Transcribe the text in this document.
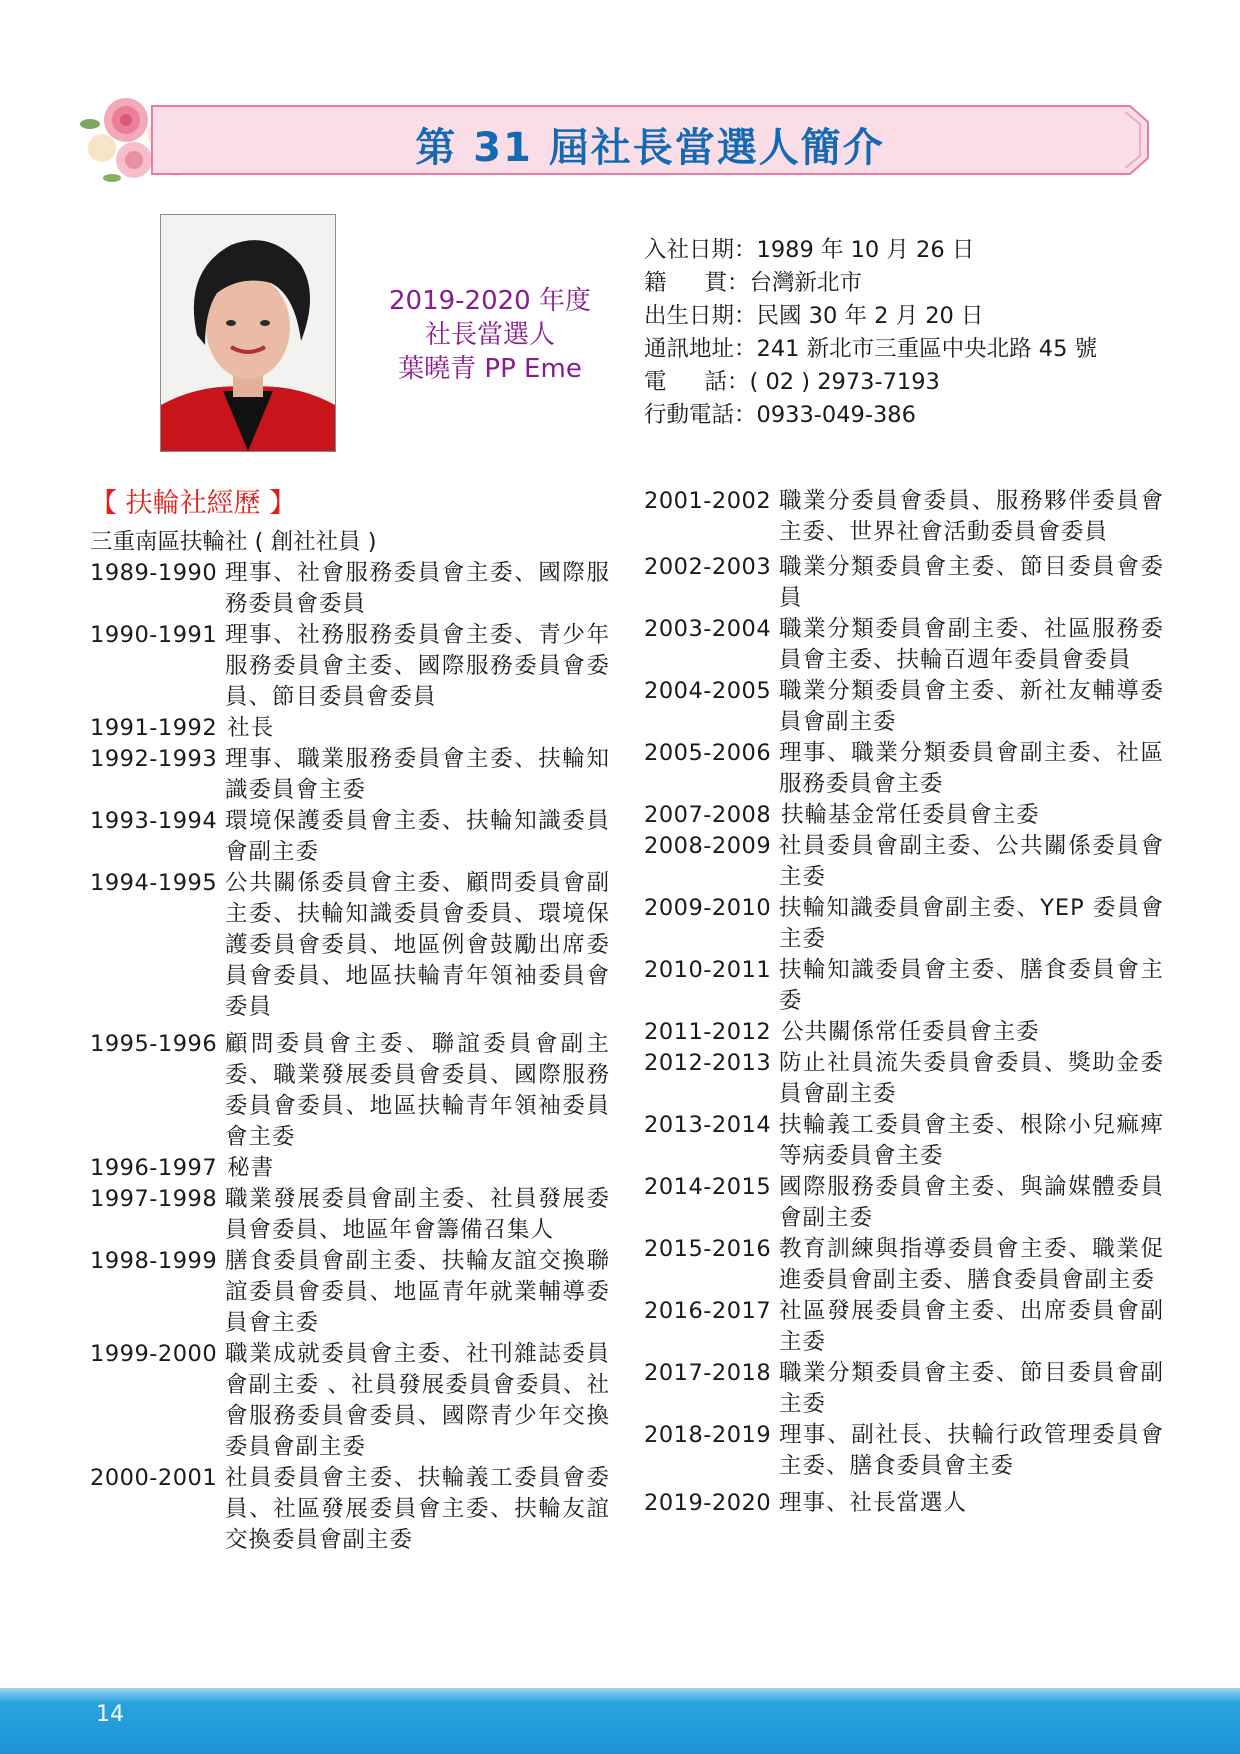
第 31 屆社長當選人簡介
2019-2020 年度
社長當選人
葉曉青 PP Eme
入社日期：1989 年 10 月 26 日
籍 貫：台灣新北市
出生日期：民國 30 年 2 月 20 日
通訊地址：241 新北市三重區中央北路 45 號
電 話：( 02 ) 2973-7193
行動電話：0933-049-386
【 扶輪社經歷 】
三重南區扶輪社 ( 創社社員 )
1989-1990 理事、社會服務委員會主委、國際服務委員會委員
1990-1991 理事、社務服務委員會主委、青少年服務委員會主委、國際服務委員會委員、節目委員會委員
1991-1992 社長
1992-1993 理事、職業服務委員會主委、扶輪知識委員會主委
1993-1994 環境保護委員會主委、扶輪知識委員會副主委
1994-1995 公共關係委員會主委、顧問委員會副主委、扶輪知識委員會委員、環境保護委員會委員、地區例會鼓勵出席委員會委員、地區扶輪青年領袖委員會委員
1995-1996 顧問委員會主委、聯誼委員會副主委、職業發展委員會委員、國際服務委員會委員、地區扶輪青年領袖委員會主委
1996-1997 秘書
1997-1998 職業發展委員會副主委、社員發展委員會委員、地區年會籌備召集人
1998-1999 膳食委員會副主委、扶輪友誼交換聯誼委員會委員、地區青年就業輔導委員會主委
1999-2000 職業成就委員會主委、社刊雜誌委員會副主委 、社員發展委員會委員、社會服務委員會委員、國際青少年交換委員會副主委
2000-2001 社員委員會主委、扶輪義工委員會委員、社區發展委員會主委、扶輪友誼交換委員會副主委
2001-2002 職業分委員會委員、服務夥伴委員會主委、世界社會活動委員會委員
2002-2003 職業分類委員會主委、節目委員會委員
2003-2004 職業分類委員會副主委、社區服務委員會主委、扶輪百週年委員會委員
2004-2005 職業分類委員會主委、新社友輔導委員會副主委
2005-2006 理事、職業分類委員會副主委、社區服務委員會主委
2007-2008 扶輪基金常任委員會主委
2008-2009 社員委員會副主委、公共關係委員會主委
2009-2010 扶輪知識委員會副主委、YEP 委員會主委
2010-2011 扶輪知識委員會主委、膳食委員會主委
2011-2012 公共關係常任委員會主委
2012-2013 防止社員流失委員會委員、獎助金委員會副主委
2013-2014 扶輪義工委員會主委、根除小兒痲痺等病委員會主委
2014-2015 國際服務委員會主委、與論媒體委員會副主委
2015-2016 教育訓練與指導委員會主委、職業促進委員會副主委、膳食委員會副主委
2016-2017 社區發展委員會主委、出席委員會副主委
2017-2018 職業分類委員會主委、節目委員會副主委
2018-2019 理事、副社長、扶輪行政管理委員會主委、膳食委員會主委
2019-2020 理事、社長當選人
14
